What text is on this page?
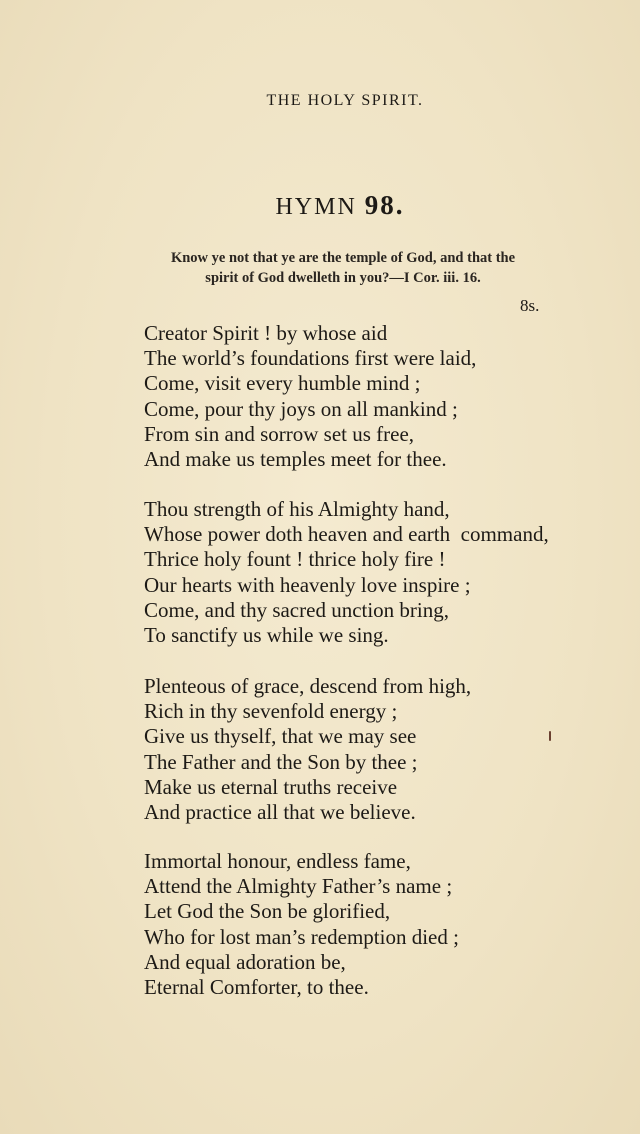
THE HOLY SPIRIT.
HYMN 98.
Know ye not that ye are the temple of God, and that the
spirit of God dwelleth in you?—I Cor. iii. 16.
8s.
Creator Spirit ! by whose aid
The world’s foundations first were laid,
Come, visit every humble mind ;
Come, pour thy joys on all mankind ;
From sin and sorrow set us free,
And make us temples meet for thee.
Thou strength of his Almighty hand,
Whose power doth heaven and earth  command,
Thrice holy fount ! thrice holy fire !
Our hearts with heavenly love inspire ;
Come, and thy sacred unction bring,
To sanctify us while we sing.
Plenteous of grace, descend from high,
Rich in thy sevenfold energy ;
Give us thyself, that we may see
The Father and the Son by thee ;
Make us eternal truths receive
And practice all that we believe.
Immortal honour, endless fame,
Attend the Almighty Father’s name ;
Let God the Son be glorified,
Who for lost man’s redemption died ;
And equal adoration be,
Eternal Comforter, to thee.
